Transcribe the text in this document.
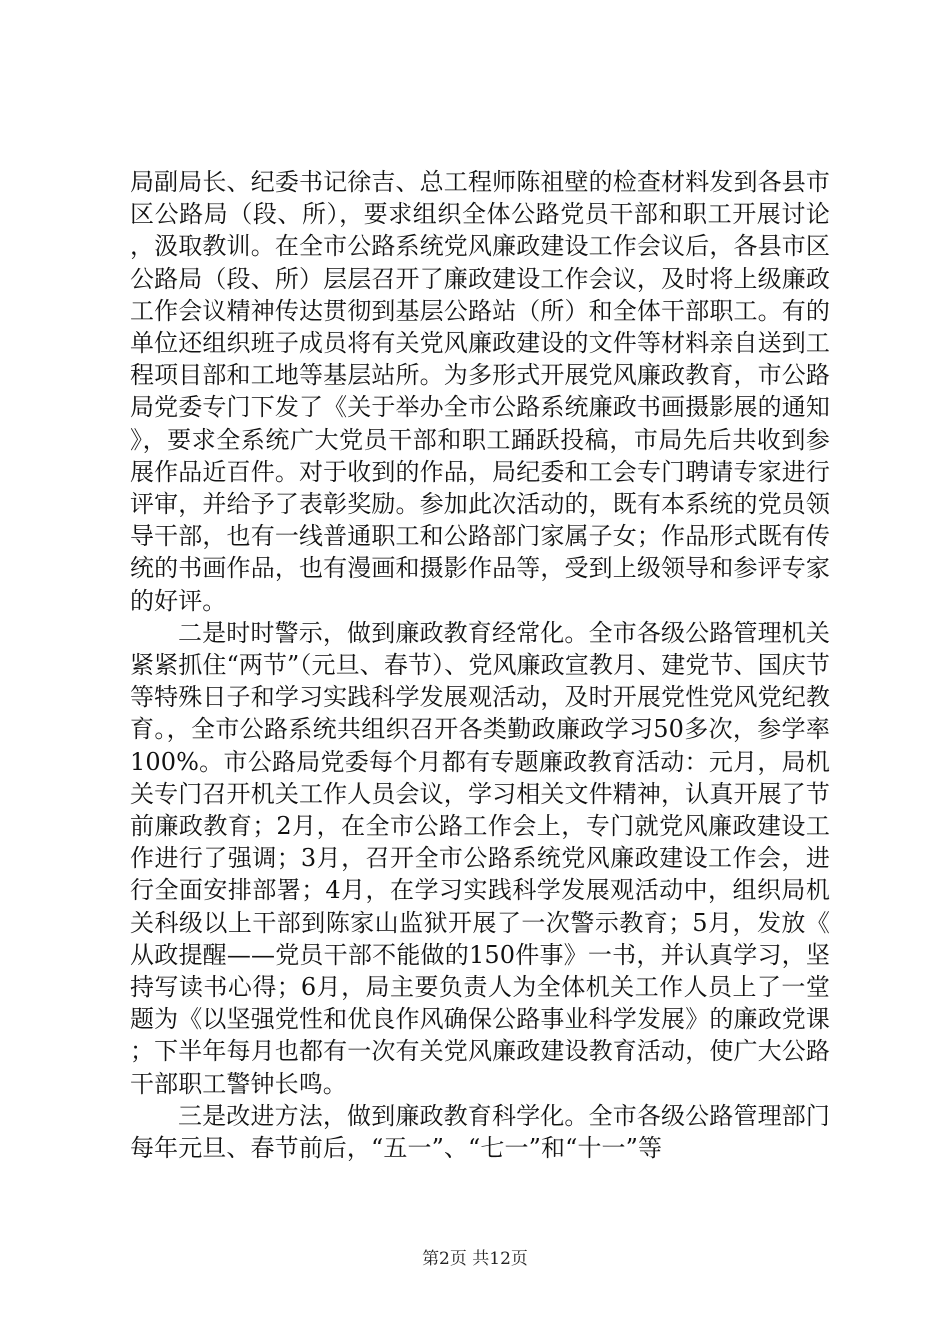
局副局长、纪委书记徐吉、总工程师陈祖壁的检查材料发到各县市区公路局（段、所），要求组织全体公路党员干部和职工开展讨论，汲取教训。在全市公路系统党风廉政建设工作会议后，各县市区公路局（段、所）层层召开了廉政建设工作会议，及时将上级廉政工作会议精神传达贯彻到基层公路站（所）和全体干部职工。有的单位还组织班子成员将有关党风廉政建设的文件等材料亲自送到工程项目部和工地等基层站所。为多形式开展党风廉政教育，市公路局党委专门下发了《关于举办全市公路系统廉政书画摄影展的通知》，要求全系统广大党员干部和职工踊跃投稿，市局先后共收到参展作品近百件。对于收到的作品，局纪委和工会专门聘请专家进行评审，并给予了表彰奖励。参加此次活动的，既有本系统的党员领导干部，也有一线普通职工和公路部门家属子女；作品形式既有传统的书画作品，也有漫画和摄影作品等，受到上级领导和参评专家的好评。

二是时时警示，做到廉政教育经常化。全市各级公路管理机关紧紧抓住“两节”（元旦、春节）、党风廉政宣教月、建党节、国庆节等特殊日子和学习实践科学发展观活动，及时开展党性党风党纪教育。，全市公路系统共组织召开各类勤政廉政学习50多次，参学率100%。市公路局党委每个月都有专题廉政教育活动：元月，局机关专门召开机关工作人员会议，学习相关文件精神，认真开展了节前廉政教育；2月，在全市公路工作会上，专门就党风廉政建设工作进行了强调；3月，召开全市公路系统党风廉政建设工作会，进行全面安排部署；4月，在学习实践科学发展观活动中，组织局机关科级以上干部到陈家山监狱开展了一次警示教育；5月，发放《从政提醒——党员干部不能做的150件事》一书，并认真学习，坚持写读书心得；6月，局主要负责人为全体机关工作人员上了一堂题为《以坚强党性和优良作风确保公路事业科学发展》的廉政党课；下半年每月也都有一次有关党风廉政建设教育活动，使广大公路干部职工警钟长鸣。

三是改进方法，做到廉政教育科学化。全市各级公路管理部门每年元旦、春节前后，“五一”、“七一”和“十一”等

第2页 共12页
